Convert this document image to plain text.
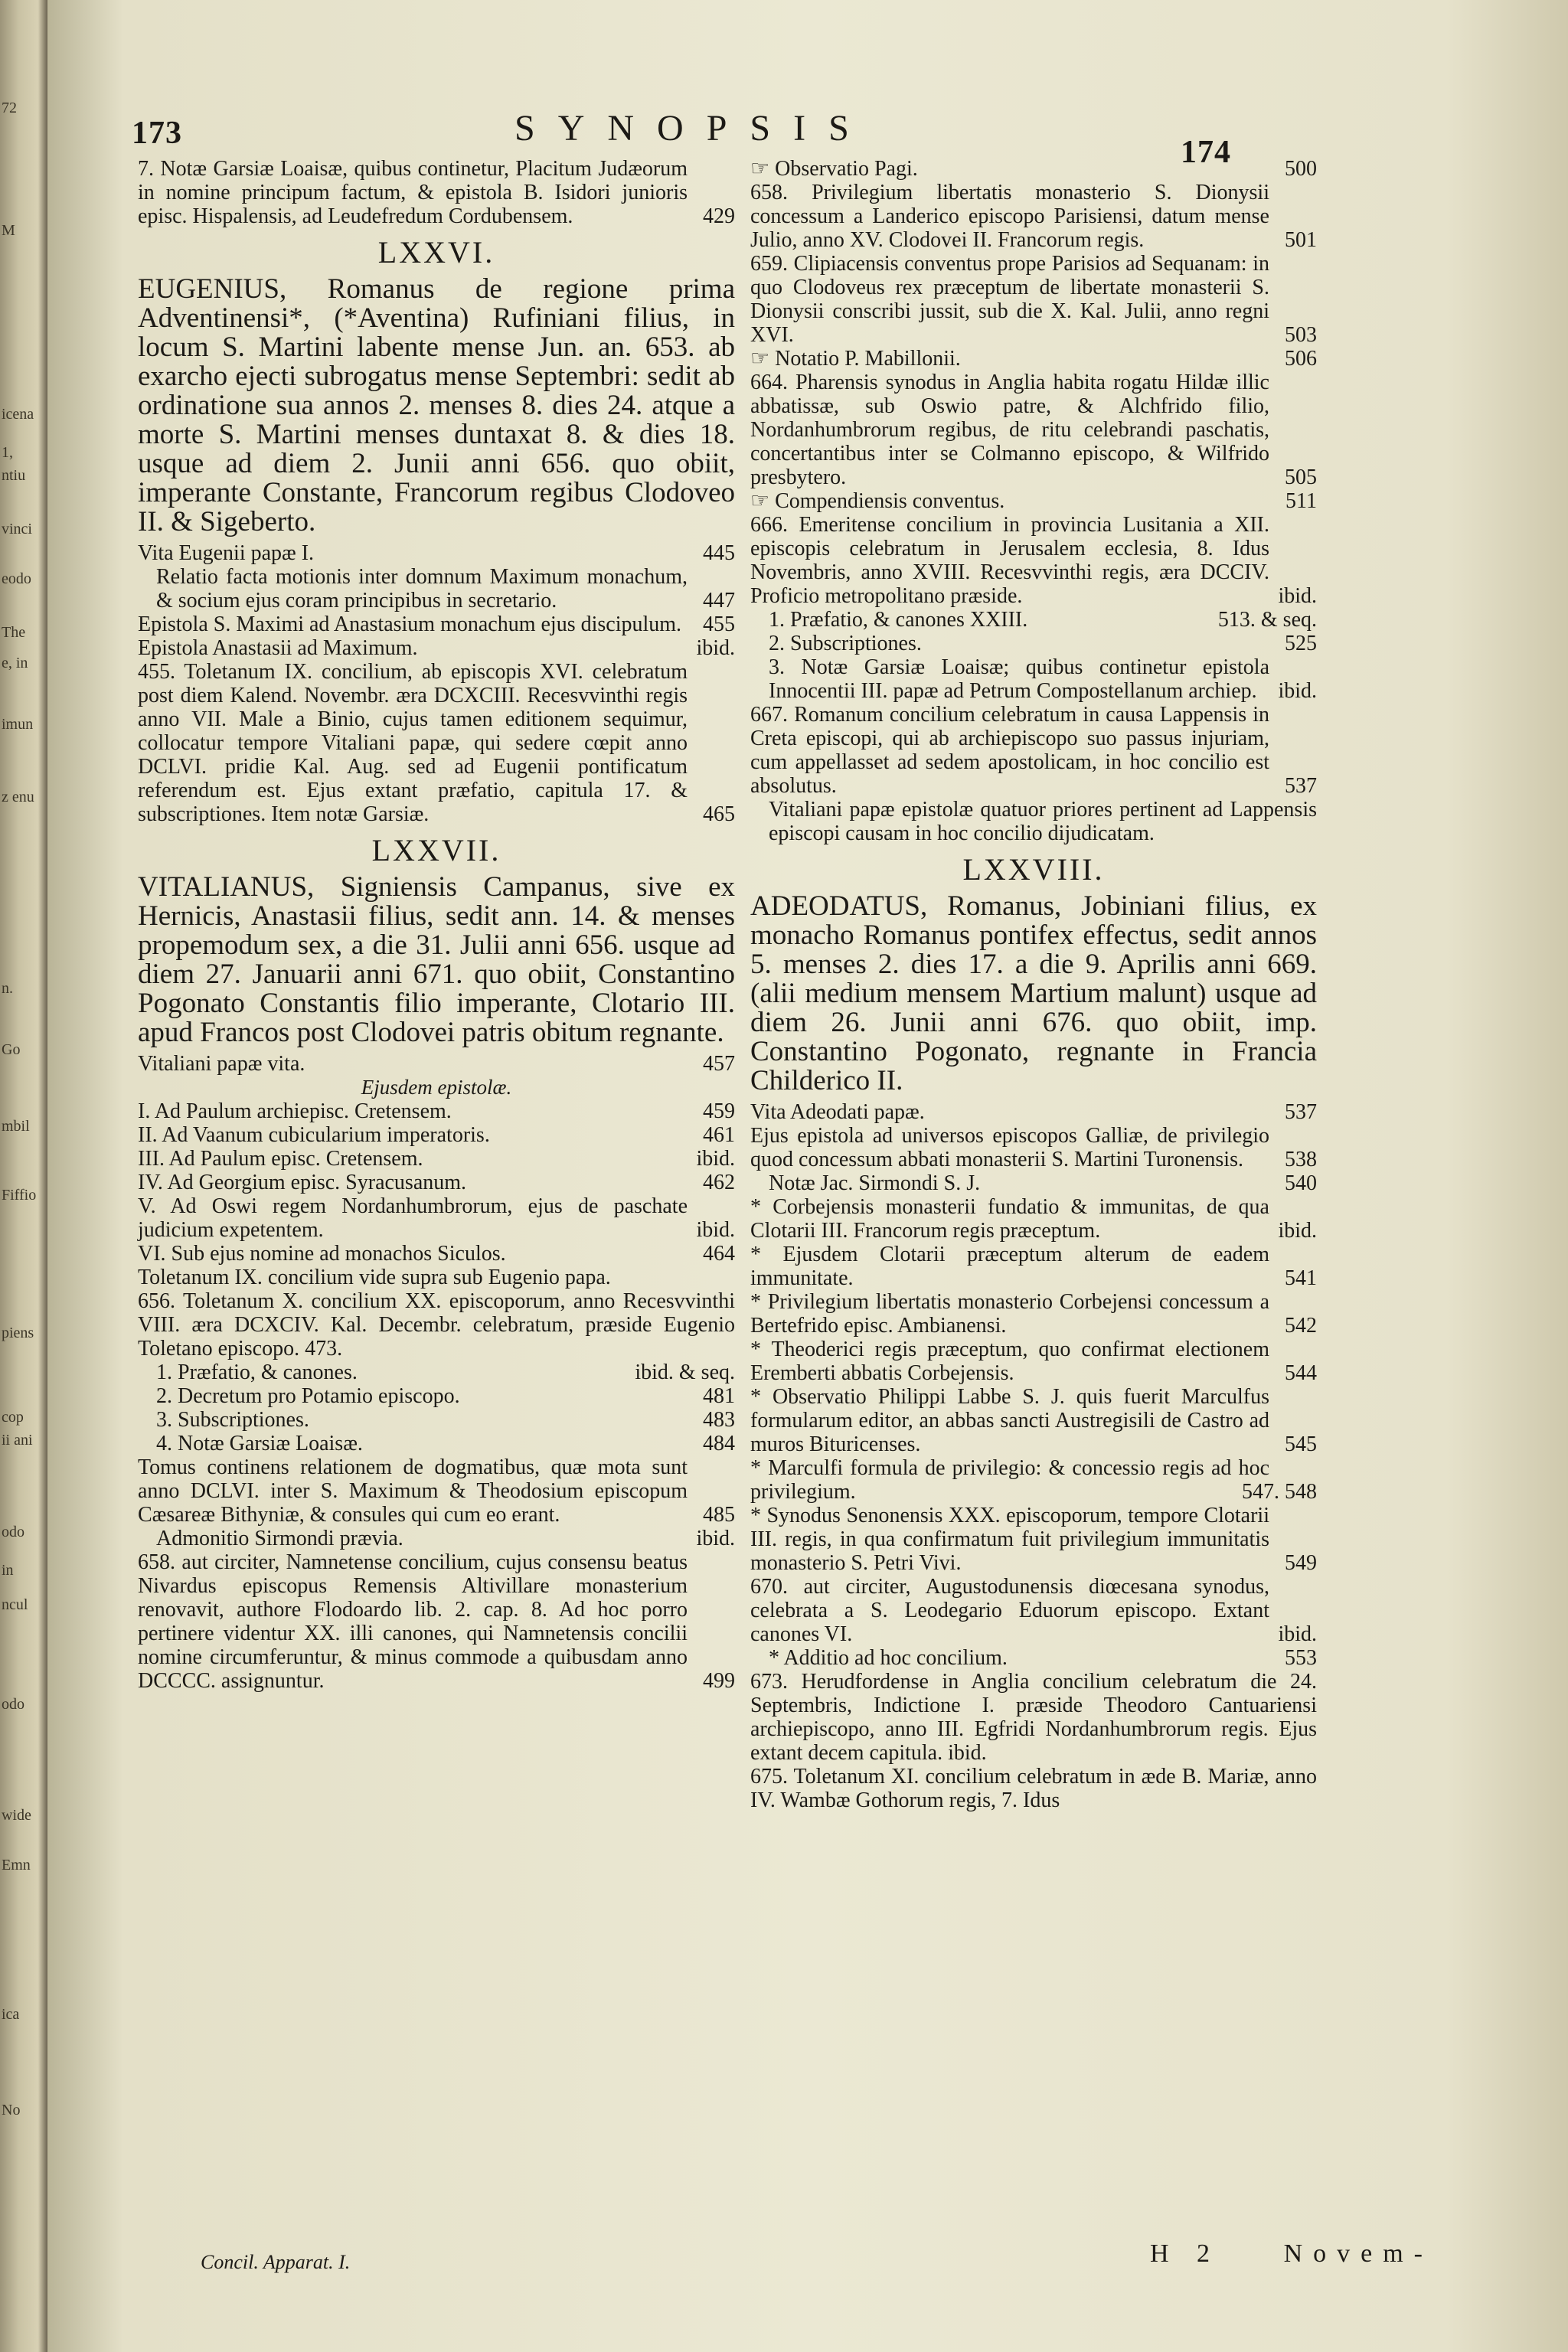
72
M
icena
1,
ntiu
vinci
eodo
The
e, in
imun
z enu
n.
Go
mbil
Fiffio
piens
cop
ii ani
odo
in
ncul
odo
wide
Emn
ica
No
173	SYNOPSIS
174
7. Notæ Garsiæ Loaisæ, quibus continetur, Placitum Judæorum in nomine principum factum, & epistola B. Isidori junioris episc. Hispalensis, ad Leudefredum Cordubensem.	429
LXXVI.
EUGENIUS, Romanus de regione prima Adventinensi*, (*Aventina) Rufiniani filius, in locum S. Martini labente mense Jun. an. 653. ab exarcho ejecti subrogatus mense Septembri: sedit ab ordinatione sua annos 2. menses 8. dies 24. atque a morte S. Martini menses duntaxat 8. & dies 18. usque ad diem 2. Junii anni 656. quo obiit, imperante Constante, Francorum regibus Clodoveo II. & Sigeberto.
Vita Eugenii papæ I.	445
Relatio facta motionis inter domnum Maximum monachum, & socium ejus coram principibus in secretario.	447
Epistola S. Maximi ad Anastasium monachum ejus discipulum. 455
Epistola Anastasii ad Maximum.	ibid.
455. Toletanum IX. concilium, ab episcopis XVI. celebratum post diem Kalend. Novembr. æra DCXCIII. Recesvvinthi regis anno VII. Male a Binio, cujus tamen editionem sequimur, collocatur tempore Vitaliani papæ, qui sedere cœpit anno DCLVI. pridie Kal. Aug. sed ad Eugenii pontificatum referendum est. Ejus extant præfatio, capitula 17. & subscriptiones. Item notæ Garsiæ.	465
LXXVII.
VITALIANUS, Signiensis Campanus, sive ex Hernicis, Anastasii filius, sedit ann. 14. & menses propemodum sex, a die 31. Julii anni 656. usque ad diem 27. Januarii anni 671. quo obiit, Constantino Pogonato Constantis filio imperante, Clotario III. apud Francos post Clodovei patris obitum regnante.
Vitaliani papæ vita.	457
Ejusdem epistolæ.
I. Ad Paulum archiepisc. Cretensem.	459
II. Ad Vaanum cubicularium imperatoris.	461
III. Ad Paulum episc. Cretensem.	ibid.
IV. Ad Georgium episc. Syracusanum.	462
V. Ad Oswi regem Nordanhumbrorum, ejus de paschate judicium expetentem.	ibid.
VI. Sub ejus nomine ad monachos Siculos.	464
Toletanum IX. concilium vide supra sub Eugenio papa.
656. Toletanum X. concilium XX. episcoporum, anno Recesvvinthi VIII. æra DCXCIV. Kal. Decembr. celebratum, præside Eugenio Toletano episcopo. 473.
1. Præfatio, & canones.	ibid. & seq.
2. Decretum pro Potamio episcopo.	481
3. Subscriptiones.	483
4. Notæ Garsiæ Loaisæ.	484
Tomus continens relationem de dogmatibus, quæ mota sunt anno DCLVI. inter S. Maximum & Theodosium episcopum Cæsareæ Bithyniæ, & consules qui cum eo erant.	485
Admonitio Sirmondi prævia.	ibid.
658. aut circiter, Namnetense concilium, cujus consensu beatus Nivardus episcopus Remensis Altivillare monasterium renovavit, authore Flodoardo lib. 2. cap. 8. Ad hoc porro pertinere videntur XX. illi canones, qui Namnetensis concilii nomine circumferuntur, & minus commode a quibusdam anno DCCCC. assignuntur.	499
☞ Observatio Pagi.	500
658. Privilegium libertatis monasterio S. Dionysii concessum a Landerico episcopo Parisiensi, datum mense Julio, anno XV. Clodovei II. Francorum regis.	501
659. Clipiacensis conventus prope Parisios ad Sequanam: in quo Clodoveus rex præceptum de libertate monasterii S. Dionysii conscribi jussit, sub die X. Kal. Julii, anno regni XVI.	503
☞ Notatio P. Mabillonii.	506
664. Pharensis synodus in Anglia habita rogatu Hildæ illic abbatissæ, sub Oswio patre, & Alchfrido filio, Nordanhumbrorum regibus, de ritu celebrandi paschatis, concertantibus inter se Colmanno episcopo, & Wilfrido presbytero.	505
☞ Compendiensis conventus.	511
666. Emeritense concilium in provincia Lusitania a XII. episcopis celebratum in Jerusalem ecclesia, 8. Idus Novembris, anno XVIII. Recesvvinthi regis, æra DCCIV. Proficio metropolitano præside.	ibid.
1. Præfatio, & canones XXIII.	513. & seq.
2. Subscriptiones.	525
3. Notæ Garsiæ Loaisæ; quibus continetur epistola Innocentii III. papæ ad Petrum Compostellanum archiep. ibid.
667. Romanum concilium celebratum in causa Lappensis in Creta episcopi, qui ab archiepiscopo suo passus injuriam, cum appellasset ad sedem apostolicam, in hoc concilio est absolutus.	537
Vitaliani papæ epistolæ quatuor priores pertinent ad Lappensis episcopi causam in hoc concilio dijudicatam.
LXXVIII.
ADEODATUS, Romanus, Jobiniani filius, ex monacho Romanus pontifex effectus, sedit annos 5. menses 2. dies 17. a die 9. Aprilis anni 669. (alii medium mensem Martium malunt) usque ad diem 26. Junii anni 676. quo obiit, imp. Constantino Pogonato, regnante in Francia Childerico II.
Vita Adeodati papæ.	537
Ejus epistola ad universos episcopos Galliæ, de privilegio quod concessum abbati monasterii S. Martini Turonensis.	538
Notæ Jac. Sirmondi S. J.	540
* Corbejensis monasterii fundatio & immunitas, de qua Clotarii III. Francorum regis præceptum.	ibid.
* Ejusdem Clotarii præceptum alterum de eadem immunitate.	541
* Privilegium libertatis monasterio Corbejensi concessum a Bertefrido episc. Ambianensi.	542
* Theoderici regis præceptum, quo confirmat electionem Eremberti abbatis Corbejensis.	544
* Observatio Philippi Labbe S. J. quis fuerit Marculfus formularum editor, an abbas sancti Austregisili de Castro ad muros Bituricenses.	545
* Marculfi formula de privilegio: & concessio regis ad hoc privilegium.	547. 548
* Synodus Senonensis XXX. episcoporum, tempore Clotarii III. regis, in qua confirmatum fuit privilegium immunitatis monasterio S. Petri Vivi.	549
670. aut circiter, Augustodunensis diœcesana synodus, celebrata a S. Leodegario Eduorum episcopo. Extant canones VI.	ibid.
* Additio ad hoc concilium.	553
673. Herudfordense in Anglia concilium celebratum die 24. Septembris, Indictione I. præside Theodoro Cantuariensi archiepiscopo, anno III. Egfridi Nordanhumbrorum regis. Ejus extant decem capitula. ibid.
675. Toletanum XI. concilium celebratum in æde B. Mariæ, anno IV. Wambæ Gothorum regis, 7. Idus
Concil. Apparat. I.	H 2 Novem-
